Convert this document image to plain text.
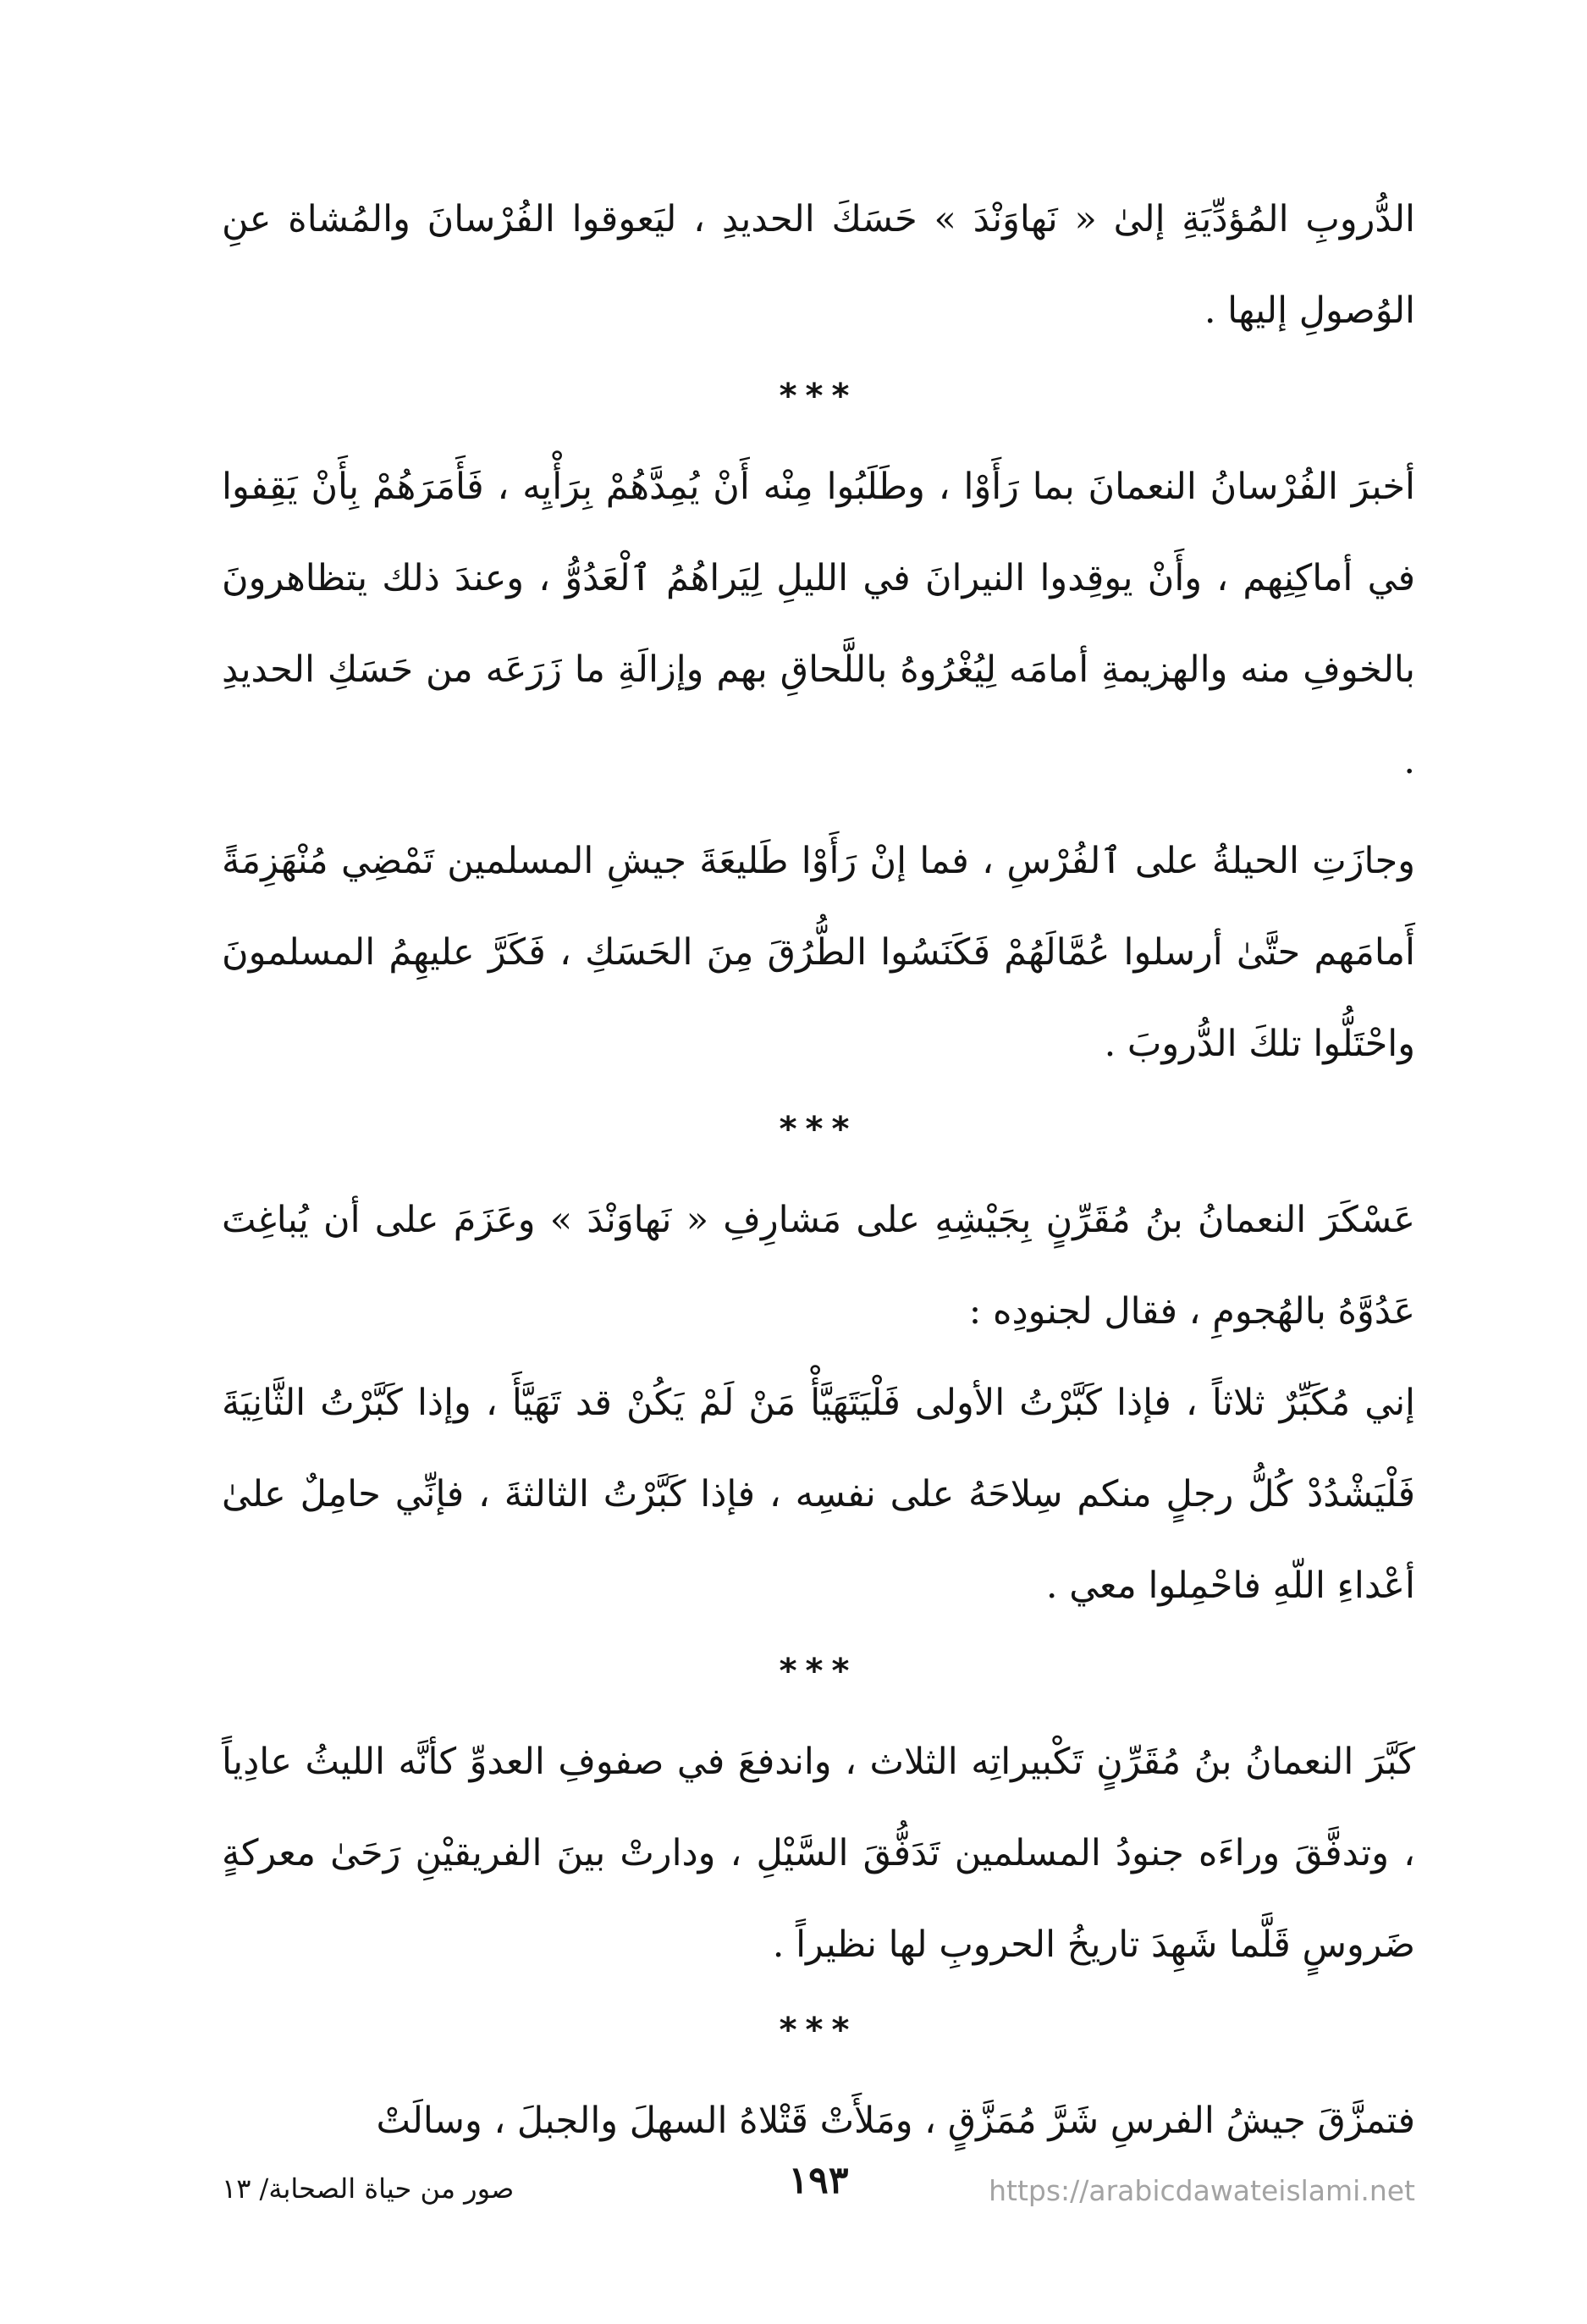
الدُّروبِ المُؤدِّيَةِ إلىٰ « نَهاوَنْدَ » حَسَكَ الحديدِ ، ليَعوقوا الفُرْسانَ والمُشاة عنِ الوُصولِ إليها .

***

أخبرَ الفُرْسانُ النعمانَ بما رَأَوْا ، وطَلَبُوا مِنْه أَنْ يُمِدَّهُمْ بِرَأْيِه ، فَأَمَرَهُمْ بِأَنْ يَقِفوا في أماكِنِهم ، وأَنْ يوقِدوا النيرانَ في الليلِ لِيَراهُمُ ٱلْعَدُوُّ ، وعندَ ذلك يتظاهرونَ بالخوفِ منه والهزيمةِ أمامَه لِيُغْرُوهُ باللَّحاقِ بهم وإزالَةِ ما زَرَعَه من حَسَكِ الحديدِ .

وجازَتِ الحيلةُ على ٱلفُرْسِ ، فما إنْ رَأَوْا طَليعَةَ جيشِ المسلمين تَمْضِي مُنْهَزِمَةً أَمامَهم حتَّىٰ أرسلوا عُمَّالَهُمْ فَكَنَسُوا الطُّرُقَ مِنَ الحَسَكِ ، فَكَرَّ عليهِمُ المسلمونَ واحْتَلُّوا تلكَ الدُّروبَ .

***

عَسْكَرَ النعمانُ بنُ مُقَرِّنٍ بِجَيْشِهِ على مَشارِفِ « نَهاوَنْدَ » وعَزَمَ على أن يُباغِتَ عَدُوَّهُ بالهُجومِ ، فقال لجنودِه :

إني مُكَبِّرٌ ثلاثاً ، فإذا كَبَّرْتُ الأولى فَلْيَتَهَيَّأْ مَنْ لَمْ يَكُنْ قد تَهَيَّأَ ، وإذا كَبَّرْتُ الثَّانِيَةَ فَلْيَشْدُدْ كُلُّ رجلٍ منكم سِلاحَهُ على نفسِه ، فإذا كَبَّرْتُ الثالثةَ ، فإنِّي حامِلٌ علىٰ أعْداءِ اللّهِ فاحْمِلوا معي .

***

كَبَّرَ النعمانُ بنُ مُقَرِّنٍ تَكْبيراتِه الثلاث ، واندفعَ في صفوفِ العدوِّ كأنَّه الليثُ عادِياً ، وتدفَّقَ وراءَه جنودُ المسلمين تَدَفُّقَ السَّيْلِ ، ودارتْ بينَ الفريقيْنِ رَحَىٰ معركةٍ ضَروسٍ قَلَّما شَهِدَ تاريخُ الحروبِ لها نظيراً .

***

فتمزَّقَ جيشُ الفرسِ شَرَّ مُمَزَّقٍ ، ومَلأَتْ قَتْلاهُ السهلَ والجبلَ ، وسالَتْ

صور من حياة الصحابة/ ١٣	١٩٣	https://arabicdawateislami.net
